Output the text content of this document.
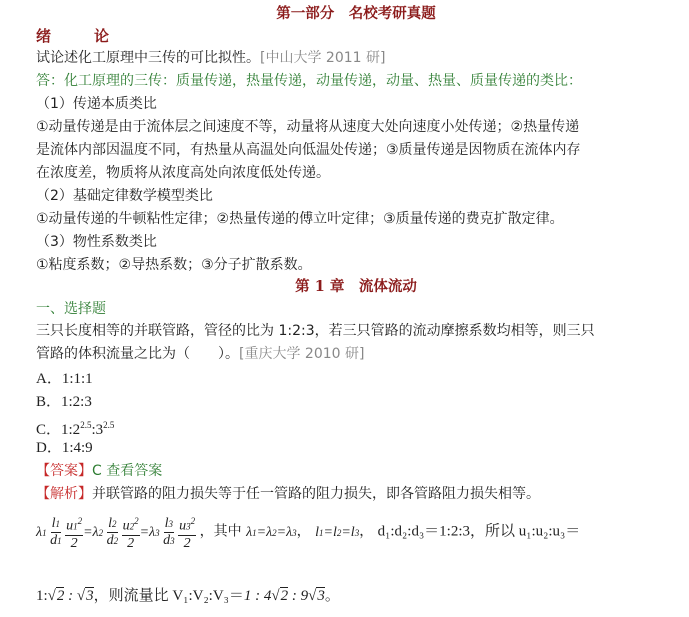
第一部分　名校考研真题
绪　论
试论述化工原理中三传的可比拟性。[中山大学 2011 研]
答：化工原理的三传：质量传递，热量传递，动量传递，动量、热量、质量传递的类比：
（1）传递本质类比
①动量传递是由于流体层之间速度不等，动量将从速度大处向速度小处传递；②热量传递
是流体内部因温度不同，有热量从高温处向低温处传递；③质量传递是因物质在流体内存
在浓度差，物质将从浓度高处向浓度低处传递。
（2）基础定律数学模型类比
①动量传递的牛顿粘性定律；②热量传递的傅立叶定律；③质量传递的费克扩散定律。
（3）物性系数类比
①粘度系数；②导热系数；③分子扩散系数。
第 1 章　流体流动
一、选择题
三只长度相等的并联管路，管径的比为 1:2:3，若三只管路的流动摩擦系数均相等，则三只
管路的体积流量之比为（　　）。[重庆大学 2010 研]
A．1:1:1
B．1:2:3
C．$1:2^{2.5}:3^{2.5}$
D．1:4:9
【答案】C 查看答案
【解析】并联管路的阻力损失等于任一管路的阻力损失，即各管路阻力损失相等。
$\lambda 1 \frac{l1}{d1}$
$\frac{u1^2}{2} =\lambda 2 \frac{l2}{d2}$
$\frac{u2^2}{2} =\lambda 3 \frac{l3}{d3}$
$\frac{u3^2}{2}$ ，其中 λ1=λ2=λ3， l1=l2=l3， d₁:d₂:d₃＝1:2:3，所以 u₁:u₂:u₃＝
1:√2 : √3，则流量比 V₁:V₂:V₃＝1 : 4√2 : 9√3。
